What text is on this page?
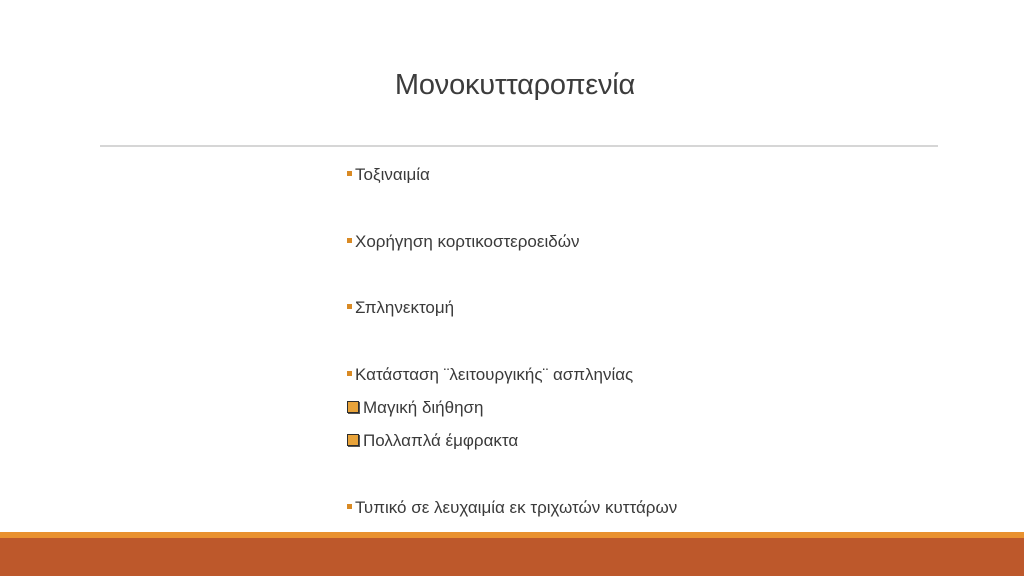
Μονοκυτταροπενία
Τοξιναιμία
Χορήγηση κορτικοστεροειδών
Σπληνεκτομή
Κατάσταση ¨λειτουργικής¨ ασπληνίας
Μαγική διήθηση
Πολλαπλά έμφρακτα
Τυπικό σε λευχαιμία εκ τριχωτών κυττάρων
